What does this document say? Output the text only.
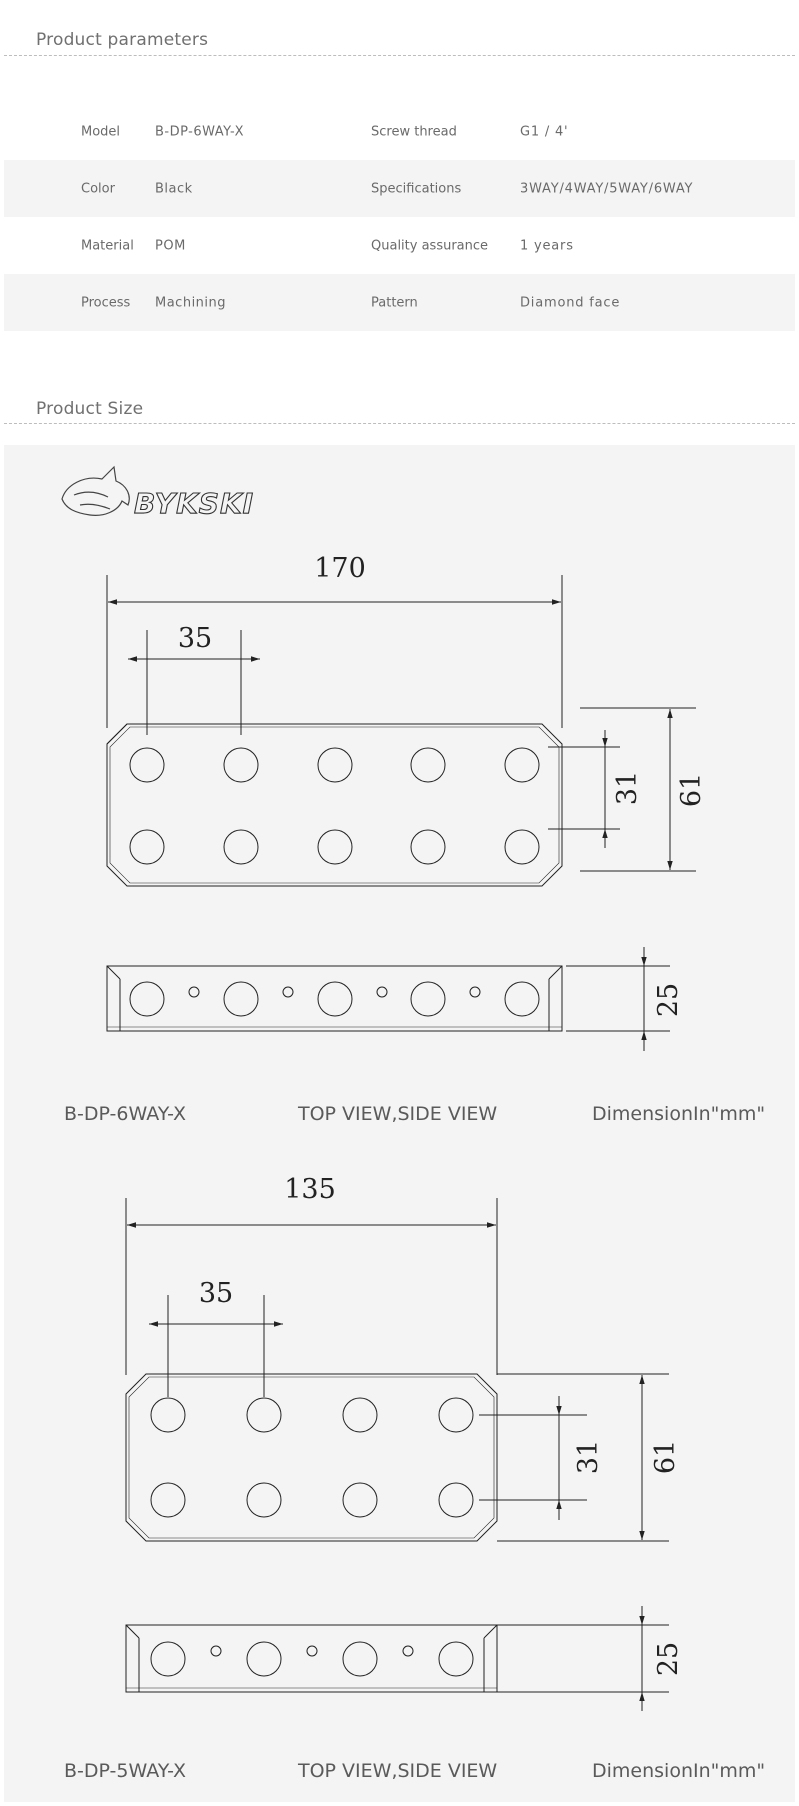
Product parameters
Model	B-DP-6WAY-X	Screw thread	G1 / 4'
Color	Black	Specifications	3WAY/4WAY/5WAY/6WAY
Material POM	Quality assurance 1 years
Process Machining	Pattern	Diamond face
Product Size
BYKSKI
170
35
31 61
25
135
35
31 61
25
B-DP-6WAY-X	TOP VIEW,SIDE VIEW	DimensionIn"mm"
B-DP-5WAY-X	TOP VIEW,SIDE VIEW	DimensionIn"mm"
